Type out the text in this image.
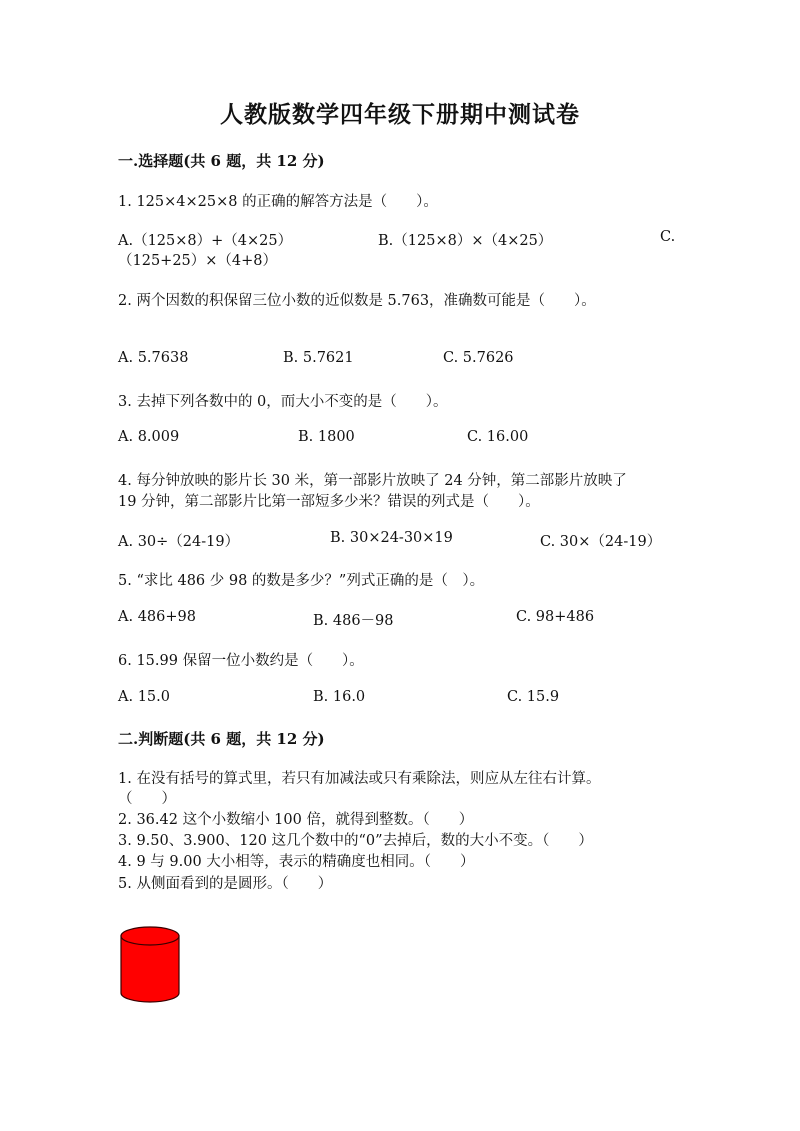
人教版数学四年级下册期中测试卷
一.选择题(共 6 题，共 12 分)
1. 125×4×25×8 的正确的解答方法是（　　）。
A.（125×8）+（4×25）	B.（125×8）×（4×25）	C.
（125+25）×（4+8）
2. 两个因数的积保留三位小数的近似数是 5.763，准确数可能是（　　）。
A. 5.7638	B. 5.7621	C. 5.7626
3. 去掉下列各数中的 0，而大小不变的是（　　）。
A. 8.009	B. 1800	C. 16.00
4. 每分钟放映的影片长 30 米，第一部影片放映了 24 分钟，第二部影片放映了
19 分钟，第二部影片比第一部短多少米？错误的列式是（　　）。
A. 30÷（24-19）	B. 30×24-30×19	C. 30×（24-19）
5. “求比 486 少 98 的数是多少？”列式正确的是（　）。
A. 486+98	B. 486－98	C. 98+486
6. 15.99 保留一位小数约是（　　）。
A. 15.0	B. 16.0	C. 15.9
二.判断题(共 6 题，共 12 分)
1. 在没有括号的算式里，若只有加减法或只有乘除法，则应从左往右计算。
（　　）
2. 36.42 这个小数缩小 100 倍，就得到整数。（　　）
3. 9.50、3.900、120 这几个数中的“0”去掉后，数的大小不变。（　　）
4. 9 与 9.00 大小相等，表示的精确度也相同。（　　）
5. 从侧面看到的是圆形。（　　）
